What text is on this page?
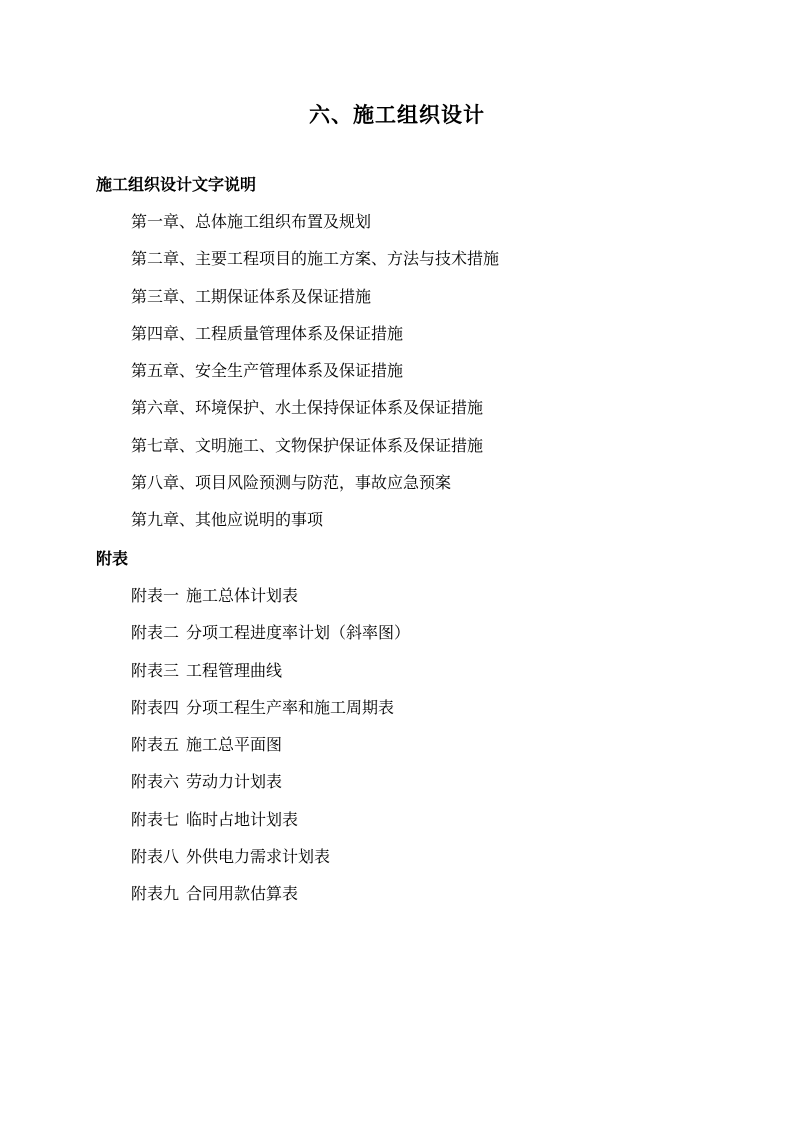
六、施工组织设计
施工组织设计文字说明
第一章、总体施工组织布置及规划
第二章、主要工程项目的施工方案、方法与技术措施
第三章、工期保证体系及保证措施
第四章、工程质量管理体系及保证措施
第五章、安全生产管理体系及保证措施
第六章、环境保护、水土保持保证体系及保证措施
第七章、文明施工、文物保护保证体系及保证措施
第八章、项目风险预测与防范，事故应急预案
第九章、其他应说明的事项
附表
附表一 施工总体计划表
附表二 分项工程进度率计划（斜率图）
附表三 工程管理曲线
附表四 分项工程生产率和施工周期表
附表五 施工总平面图
附表六 劳动力计划表
附表七 临时占地计划表
附表八 外供电力需求计划表
附表九 合同用款估算表
